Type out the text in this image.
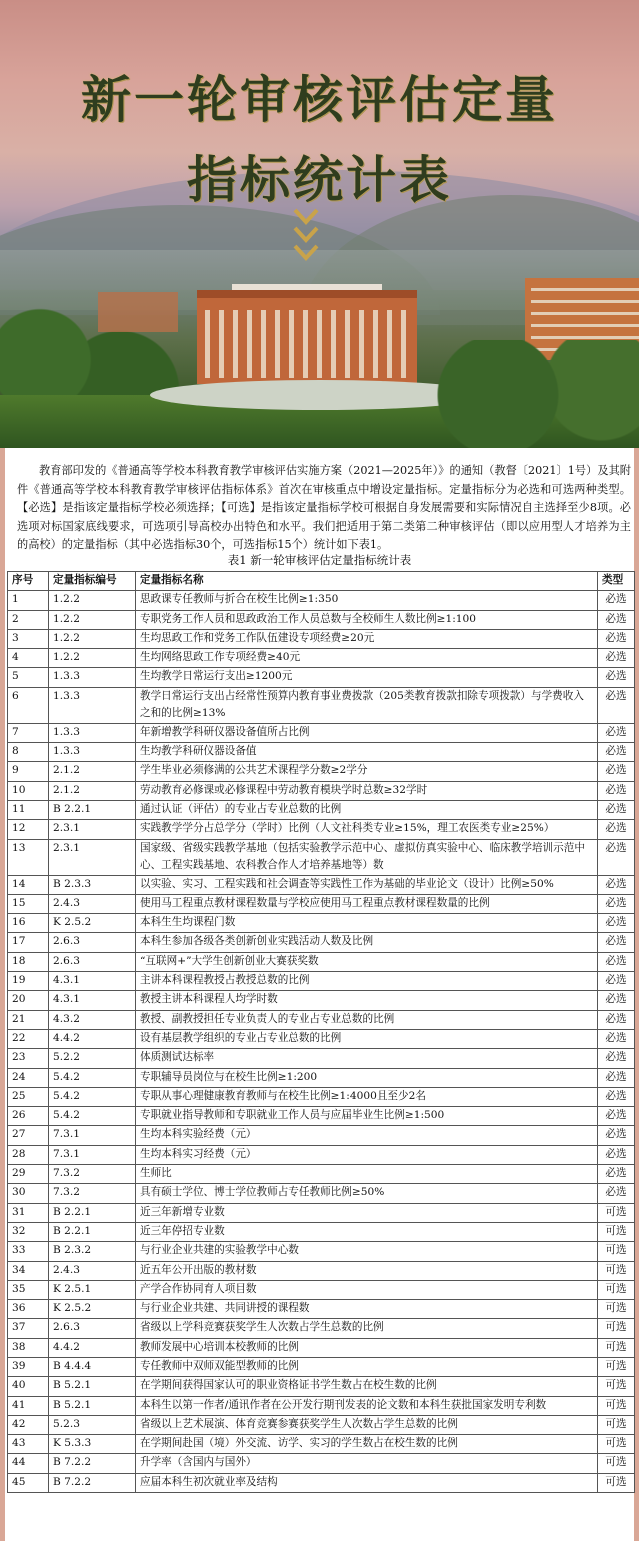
新一轮审核评估定量
指标统计表

教育部印发的《普通高等学校本科教育教学审核评估实施方案（2021—2025年）》的通知（教督〔2021〕1号）及其附件《普通高等学校本科教育教学审核评估指标体系》首次在审核重点中增设定量指标。定量指标分为必选和可选两种类型。【必选】是指该定量指标学校必须选择；【可选】是指该定量指标学校可根据自身发展需要和实际情况自主选择至少8项。必选项对标国家底线要求，可选项引导高校办出特色和水平。我们把适用于第二类第二种审核评估（即以应用型人才培养为主的高校）的定量指标（其中必选指标30个，可选指标15个）统计如下表1。

表1 新一轮审核评估定量指标统计表

序号	定量指标编号	定量指标名称	类型
1	1.2.2	思政课专任教师与折合在校生比例≥1:350	必选
2	1.2.2	专职党务工作人员和思政政治工作人员总数与全校师生人数比例≥1:100	必选
3	1.2.2	生均思政工作和党务工作队伍建设专项经费≥20元	必选
4	1.2.2	生均网络思政工作专项经费≥40元	必选
5	1.3.3	生均教学日常运行支出≥1200元	必选
6	1.3.3	教学日常运行支出占经常性预算内教育事业费拨款（205类教育拨款扣除专项拨款）与学费收入之和的比例≥13%	必选
7	1.3.3	年新增教学科研仪器设备值所占比例	必选
8	1.3.3	生均教学科研仪器设备值	必选
9	2.1.2	学生毕业必须修满的公共艺术课程学分数≥2学分	必选
10	2.1.2	劳动教育必修课或必修课程中劳动教育模块学时总数≥32学时	必选
11	B 2.2.1	通过认证（评估）的专业占专业总数的比例	必选
12	2.3.1	实践教学学分占总学分（学时）比例（人文社科类专业≥15%，理工农医类专业≥25%）	必选
13	2.3.1	国家级、省级实践教学基地（包括实验教学示范中心、虚拟仿真实验中心、临床教学培训示范中心、工程实践基地、农科教合作人才培养基地等）数	必选
14	B 2.3.3	以实验、实习、工程实践和社会调查等实践性工作为基础的毕业论文（设计）比例≥50%	必选
15	2.4.3	使用马工程重点教材课程数量与学校应使用马工程重点教材课程数量的比例	必选
16	K 2.5.2	本科生生均课程门数	必选
17	2.6.3	本科生参加各级各类创新创业实践活动人数及比例	必选
18	2.6.3	“互联网+”大学生创新创业大赛获奖数	必选
19	4.3.1	主讲本科课程教授占教授总数的比例	必选
20	4.3.1	教授主讲本科课程人均学时数	必选
21	4.3.2	教授、副教授担任专业负责人的专业占专业总数的比例	必选
22	4.4.2	设有基层教学组织的专业占专业总数的比例	必选
23	5.2.2	体质测试达标率	必选
24	5.4.2	专职辅导员岗位与在校生比例≥1:200	必选
25	5.4.2	专职从事心理健康教育教师与在校生比例≥1:4000且至少2名	必选
26	5.4.2	专职就业指导教师和专职就业工作人员与应届毕业生比例≥1:500	必选
27	7.3.1	生均本科实验经费（元）	必选
28	7.3.1	生均本科实习经费（元）	必选
29	7.3.2	生师比	必选
30	7.3.2	具有硕士学位、博士学位教师占专任教师比例≥50%	必选
31	B 2.2.1	近三年新增专业数	可选
32	B 2.2.1	近三年停招专业数	可选
33	B 2.3.2	与行业企业共建的实验教学中心数	可选
34	2.4.3	近五年公开出版的教材数	可选
35	K 2.5.1	产学合作协同育人项目数	可选
36	K 2.5.2	与行业企业共建、共同讲授的课程数	可选
37	2.6.3	省级以上学科竞赛获奖学生人次数占学生总数的比例	可选
38	4.4.2	教师发展中心培训本校教师的比例	可选
39	B 4.4.4	专任教师中双师双能型教师的比例	可选
40	B 5.2.1	在学期间获得国家认可的职业资格证书学生数占在校生数的比例	可选
41	B 5.2.1	本科生以第一作者/通讯作者在公开发行期刊发表的论文数和本科生获批国家发明专利数	可选
42	5.2.3	省级以上艺术展演、体育竞赛参赛获奖学生人次数占学生总数的比例	可选
43	K 5.3.3	在学期间赴国（境）外交流、访学、实习的学生数占在校生数的比例	可选
44	B 7.2.2	升学率（含国内与国外）	可选
45	B 7.2.2	应届本科生初次就业率及结构	可选
